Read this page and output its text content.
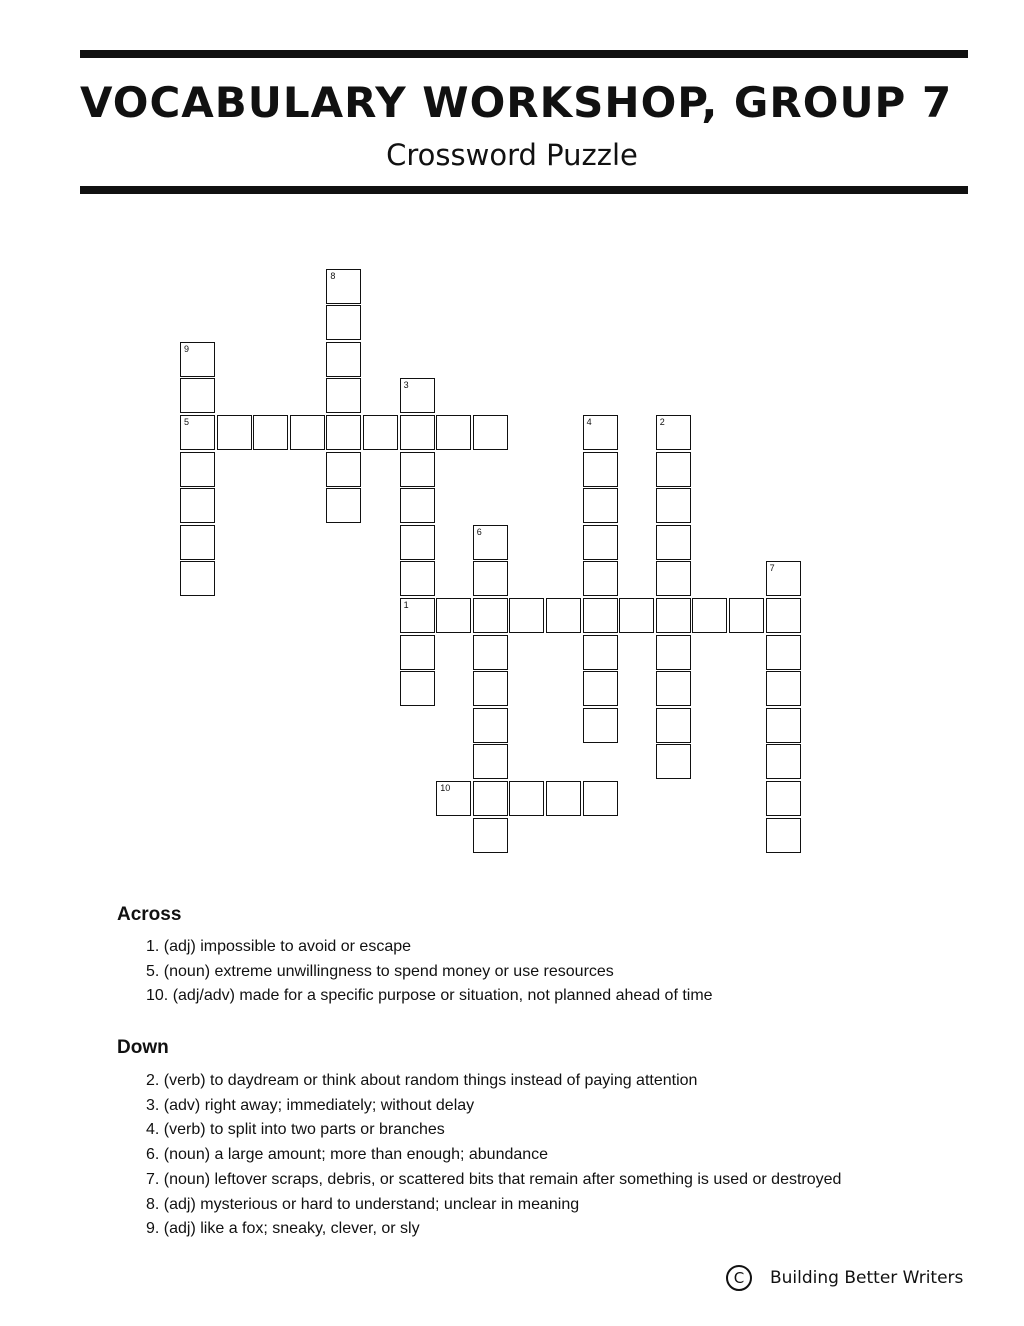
VOCABULARY WORKSHOP, GROUP 7
Crossword Puzzle
1
5
10
2
3
4
6
7
8
9
Across
1. (adj) impossible to avoid or escape
5. (noun) extreme unwillingness to spend money or use resources
10. (adj/adv) made for a specific purpose or situation, not planned ahead of time
Down
2. (verb) to daydream or think about random things instead of paying attention
3. (adv) right away; immediately; without delay
4. (verb) to split into two parts or branches
6. (noun) a large amount; more than enough; abundance
7. (noun) leftover scraps, debris, or scattered bits that remain after something is used or destroyed
8. (adj) mysterious or hard to understand; unclear in meaning
9. (adj) like a fox; sneaky, clever, or sly
C	Building Better Writers
